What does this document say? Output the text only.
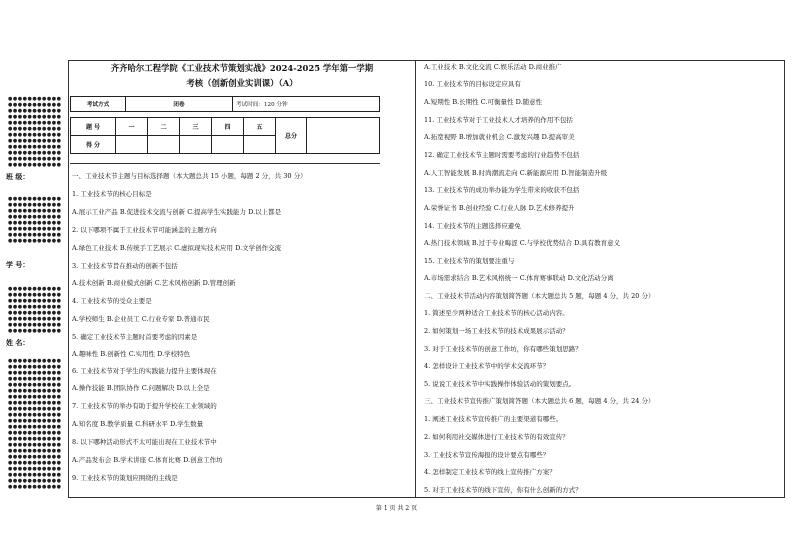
●●●●●●●●●●●
●●●●●●●●●●●
●●●●●●●●●●●
●●●●●●●●●●●
●●●●●●●●●●●
●●●●●●●●●●●
●●●●●●●●●●●
●●●●●●●●●●●
●●●●●●●●●●●
●●●●●●●●●●●
●●●●●●●●●●●
●●●●●●●●●●●
班 级：
●●●●●●●●●●●
●●●●●●●●●●●
●●●●●●●●●●●
●●●●●●●●●●●
●●●●●●●●●●●
●●●●●●●●●●●
●●●●●●●●●●●
●●●●●●●●●●●
学 号：
●●●●●●●●●●●
●●●●●●●●●●●
●●●●●●●●●●●
●●●●●●●●●●●
●●●●●●●●●●●
●●●●●●●●●●●
●●●●●●●●●●●
●●●●●●●●●●●
姓 名：
●●●●●●●●●●●
●●●●●●●●●●●
●●●●●●●●●●●
●●●●●●●●●●●
●●●●●●●●●●●
●●●●●●●●●●●
●●●●●●●●●●●
●●●●●●●●●●●
●●●●●●●●●●●
●●●●●●●●●●●
●●●●●●●●●●●
●●●●●●●●●●●
●●●●●●●●●●●
●●●●●●●●●●●
●●●●●●●●●●●
●●●●●●●●●●●
●●●●●●●●●●●
●●●●●●●●●●●
●●●●●●●●●●●
●●●●●●●●●●●
●●●●●●●●●●●
●●●●●●●●●●●
齐齐哈尔工程学院《工业技术节策划实战》2024-2025 学年第一学期
考核（创新创业实训课）（A）
考试方式	闭卷	考试时间：120 分钟
题 号	一	二	三	四	五	总分	
得 分							
一、工业技术节主题与目标选择题（本大题总共 15 小题，每题 2 分，共 30 分）
1. 工业技术节的核心目标是
A.展示工业产品 B.促进技术交流与创新 C.提高学生实践能力 D.以上都是
2. 以下哪项不属于工业技术节可能涵盖的主题方向
A.绿色工业技术 B.传统手工艺展示 C.虚拟现实技术应用 D.文学创作交流
3. 工业技术节旨在推动的创新不包括
A.技术创新 B.商业模式创新 C.艺术风格创新 D.管理创新
4. 工业技术节的受众主要是
A.学校师生 B.企业员工 C.行业专家 D.普通市民
5. 确定工业技术节主题时首要考虑的因素是
A.趣味性 B.创新性 C.实用性 D.学校特色
6. 工业技术节对于学生的实践能力提升主要体现在
A.操作技能 B.团队协作 C.问题解决 D.以上全是
7. 工业技术节的举办有助于提升学校在工业领域的
A.知名度 B.教学质量 C.科研水平 D.学生数量
8. 以下哪种活动形式不太可能出现在工业技术节中
A.产品发布会 B.学术讲座 C.体育比赛 D.创意工作坊
9. 工业技术节的策划应围绕的主线是
A.工业技术 B.文化交流 C.娱乐活动 D.商业推广
10. 工业技术节的目标设定应具有
A.短期性 B.长期性 C.可衡量性 D.随意性
11. 工业技术节对于工业技术人才培养的作用不包括
A.拓宽视野 B.增加就业机会 C.激发兴趣 D.提高审美
12. 确定工业技术节主题时需要考虑的行业趋势不包括
A.人工智能发展 B.时尚潮流走向 C.新能源应用 D.智能制造升级
13. 工业技术节的成功举办能为学生带来的收获不包括
A.荣誉证书 B.创业经验 C.行业人脉 D.艺术修养提升
14. 工业技术节的主题选择应避免
A.热门技术领域 B.过于专业晦涩 C.与学校优势结合 D.具有教育意义
15. 工业技术节的策划要注重与
A.市场需求结合 B.艺术风格统一 C.体育赛事联动 D.文化活动分离
二、工业技术节活动内容策划简答题（本大题总共 5 题，每题 4 分，共 20 分）
1. 简述至少两种适合工业技术节的核心活动内容。
2. 如何策划一场工业技术节的技术成果展示活动？
3. 对于工业技术节的创意工作坊，你有哪些策划思路？
4. 怎样设计工业技术节中的学术交流环节？
5. 说说工业技术节中实践操作体验活动的策划要点。
三、工业技术节宣传推广策划简答题（本大题总共 6 题，每题 4 分，共 24 分）
1. 阐述工业技术节宣传推广的主要渠道有哪些。
2. 如何利用社交媒体进行工业技术节的有效宣传？
3. 工业技术节宣传海报的设计要点有哪些？
4. 怎样制定工业技术节的线上宣传推广方案？
5. 对于工业技术节的线下宣传，你有什么创新的方式？
第 1 页 共 2 页
